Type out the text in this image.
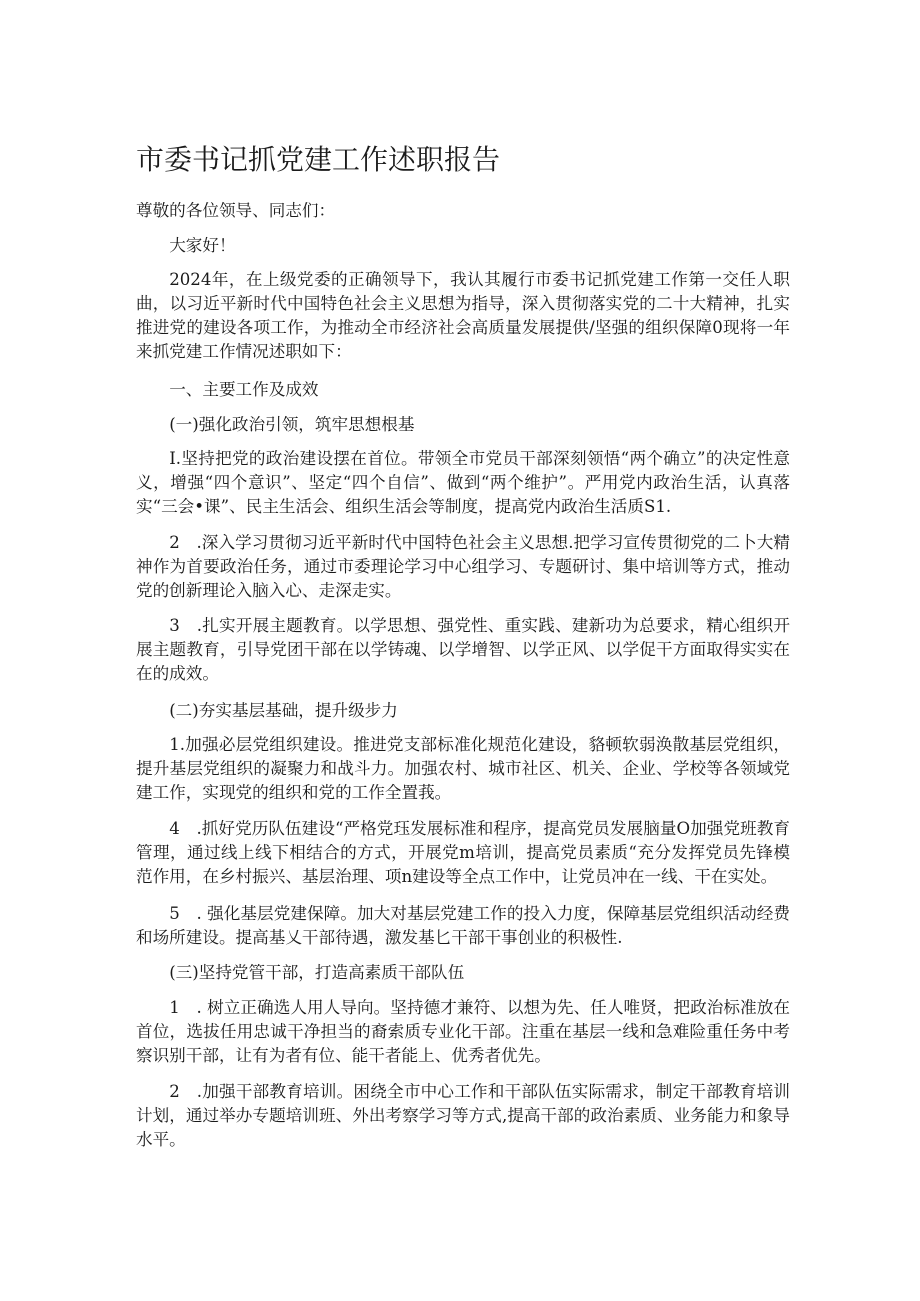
市委书记抓党建工作述职报告

尊敬的各位领导、同志们：

大家好！

2024年，在上级党委的正确领导下，我认其履行市委书记抓党建工作第一交任人职曲，以习近平新时代中国特色社会主义思想为指导，深入贯彻落实党的二十大精神，扎实推进党的建设各项工作，为推动全市经济社会高质量发展提供/坚强的组织保障0现将一年来抓党建工作情况述职如下：

一、主要工作及成效

(一)强化政治引领，筑牢思想根基

I.坚持把党的政治建设摆在首位。带领全市党员干部深刻领悟“两个确立”的决定性意义，增强“四个意识”、坚定“四个自信”、做到“两个维护”。严用党内政治生活，认真落实“三会•课”、民主生活会、组织生活会等制度，提高党内政治生活质S1.

2　.深入学习贯彻习近平新时代中国特色社会主义思想.把学习宣传贯彻党的二卜大精神作为首要政治任务，通过市委理论学习中心组学习、专题研讨、集中培训等方式，推动党的创新理论入脑入心、走深走实。

3　.扎实开展主题教育。以学思想、强党性、重实践、建新功为总要求，精心组织开展主题教育，引导党团干部在以学铸魂、以学增智、以学正风、以学促干方面取得实实在在的成效。

(二)夯实基层基础，提升级步力

1.加强必层党组织建设。推进党支部标准化规范化建设，貉顿软弱涣散基层党组织，提升基层党组织的凝聚力和战斗力。加强农村、城市社区、机关、企业、学校等各领域党建工作，实现党的组织和党的工作全置莪。

4　.抓好党历队伍建设“严格党珏发展标准和程序，提高党员发展脑量O加强党班教育管理，通过线上线下相结合的方式，开展党m培训，提高党员素质“充分发挥党员先锋模范作用，在乡村振兴、基层治理、项n建设等全点工作中，让党员冲在一线、干在实处。

5　. 强化基层党建保障。加大对基层党建工作的投入力度，保障基层党组织活动经费和场所建设。提高基乂干部待遇，激发基匕干部干事创业的积极性.

(三)坚持党管干部，打造高素质干部队伍

1　. 树立正确选人用人导向。坚持德才兼符、以想为先、任人唯贤，把政治标准放在首位，选拔任用忠诚干净担当的裔索质专业化干部。注重在基层一线和急难险重任务中考察识别干部，让有为者有位、能干者能上、优秀者优先。

2　.加强干部教育培训。困绕全市中心工作和干部队伍实际需求，制定干部教育培训计划，通过举办专题培训班、外出考察学习等方式,提高干部的政治素质、业务能力和象导水平。
